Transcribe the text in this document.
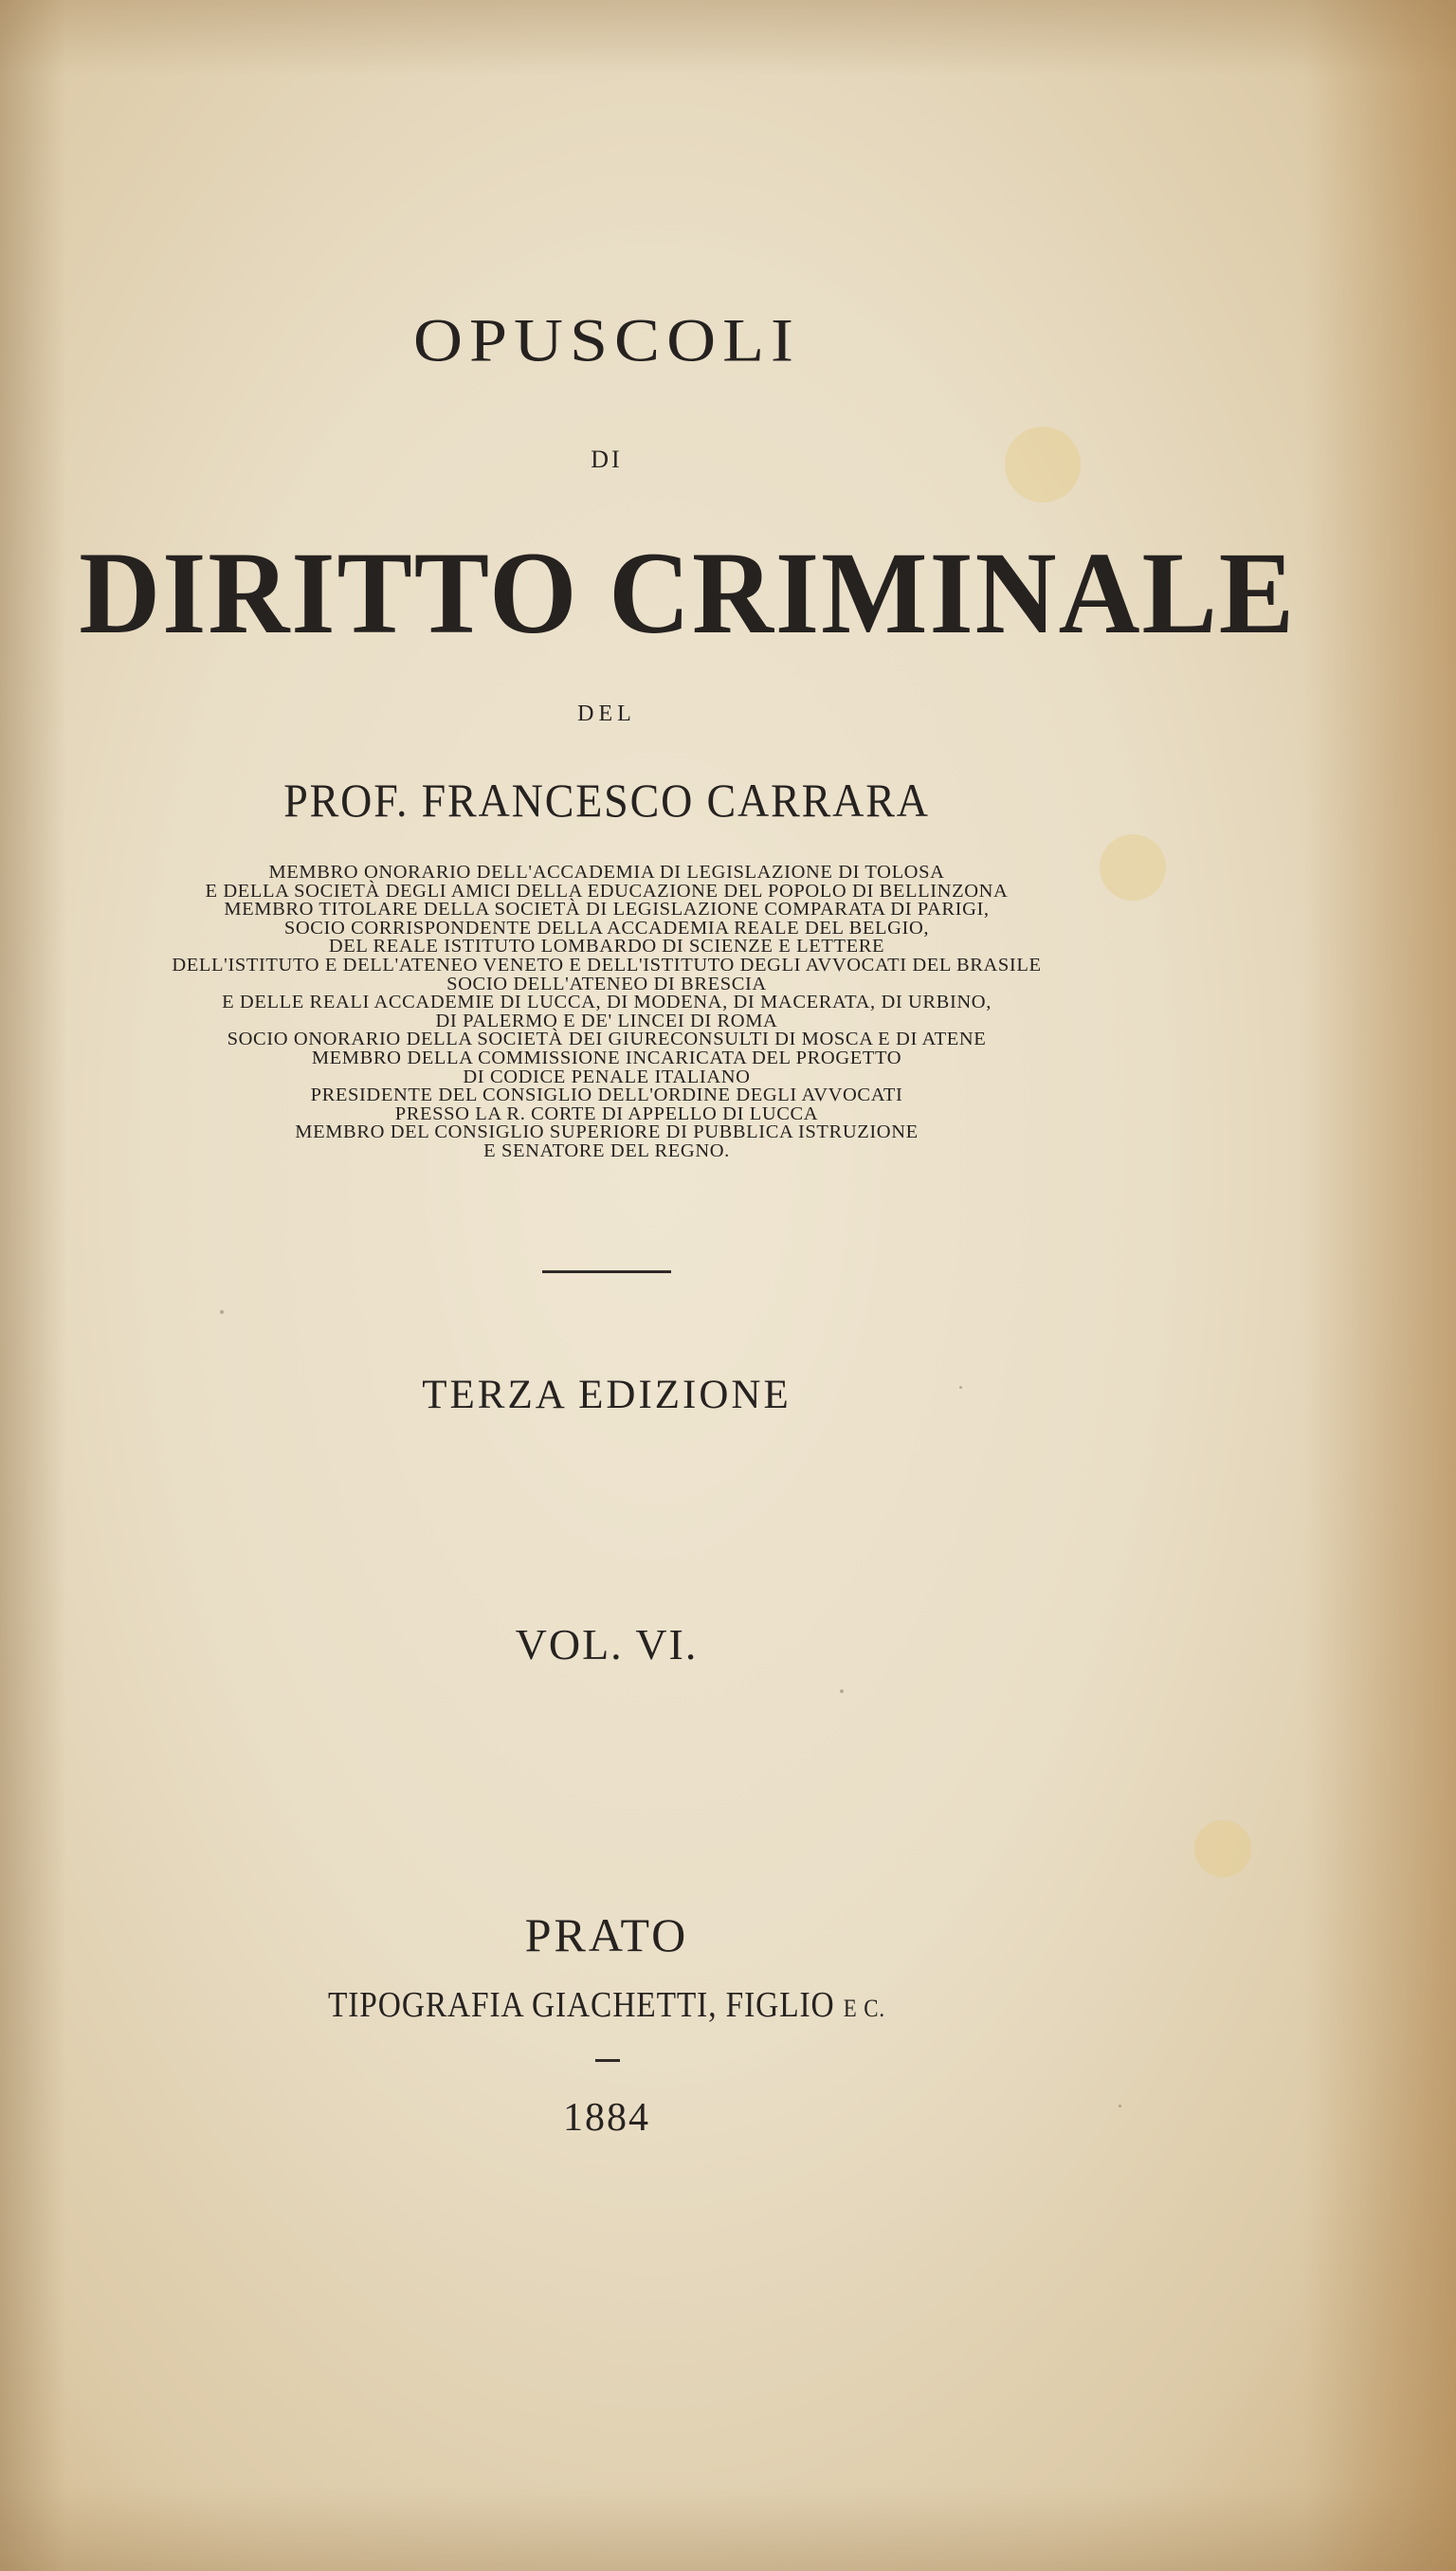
OPUSCOLI
DI
DIRITTO CRIMINALE
DEL
PROF. FRANCESCO CARRARA
MEMBRO ONORARIO DELL'ACCADEMIA DI LEGISLAZIONE DI TOLOSA
E DELLA SOCIETÀ DEGLI AMICI DELLA EDUCAZIONE DEL POPOLO DI BELLINZONA
MEMBRO TITOLARE DELLA SOCIETÀ DI LEGISLAZIONE COMPARATA DI PARIGI,
SOCIO CORRISPONDENTE DELLA ACCADEMIA REALE DEL BELGIO,
DEL REALE ISTITUTO LOMBARDO DI SCIENZE E LETTERE
DELL'ISTITUTO E DELL'ATENEO VENETO E DELL'ISTITUTO DEGLI AVVOCATI DEL BRASILE
SOCIO DELL'ATENEO DI BRESCIA
E DELLE REALI ACCADEMIE DI LUCCA, DI MODENA, DI MACERATA, DI URBINO,
DI PALERMO E DE' LINCEI DI ROMA
SOCIO ONORARIO DELLA SOCIETÀ DEI GIURECONSULTI DI MOSCA E DI ATENE
MEMBRO DELLA COMMISSIONE INCARICATA DEL PROGETTO
DI CODICE PENALE ITALIANO
PRESIDENTE DEL CONSIGLIO DELL'ORDINE DEGLI AVVOCATI
PRESSO LA R. CORTE DI APPELLO DI LUCCA
MEMBRO DEL CONSIGLIO SUPERIORE DI PUBBLICA ISTRUZIONE
E SENATORE DEL REGNO.
TERZA EDIZIONE
VOL. VI.
PRATO
TIPOGRAFIA GIACHETTI, FIGLIO E C.
1884
